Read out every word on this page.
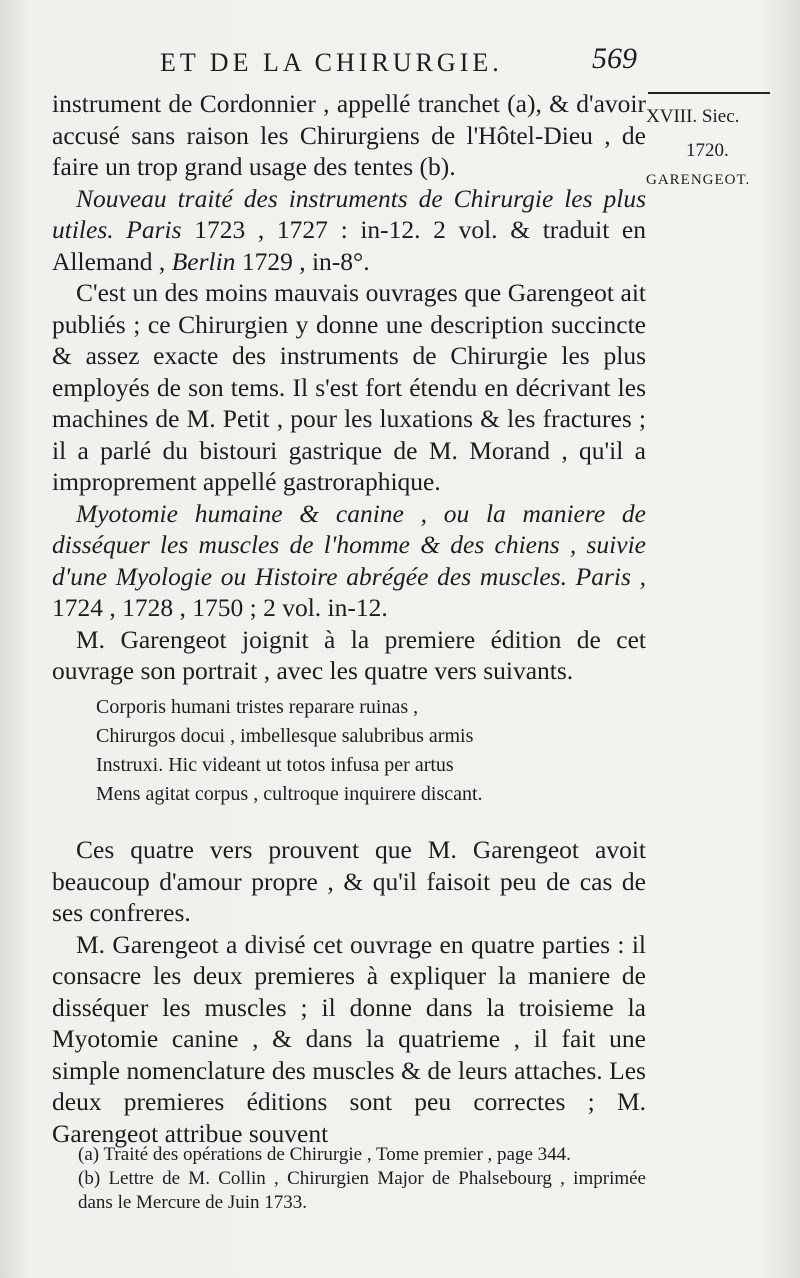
ET DE LA CHIRURGIE.	569
XVIII. Siec.
1720.
GARENGEOT.

instrument de Cordonnier , appellé tranchet (a), & d'avoir accusé sans raison les Chirurgiens de l'Hôtel-Dieu , de faire un trop grand usage des tentes (b).

Nouveau traité des instruments de Chirurgie les plus utiles. Paris 1723 , 1727 : in-12. 2 vol. & traduit en Allemand , Berlin 1729 , in-8°.

C'est un des moins mauvais ouvrages que Garengeot ait publiés ; ce Chirurgien y donne une description succincte & assez exacte des instruments de Chirurgie les plus employés de son tems. Il s'est fort étendu en décrivant les machines de M. Petit , pour les luxations & les fractures ; il a parlé du bistouri gastrique de M. Morand , qu'il a improprement appellé gastroraphique.

Myotomie humaine & canine , ou la maniere de disséquer les muscles de l'homme & des chiens , suivie d'une Myologie ou Histoire abrégée des muscles. Paris , 1724 , 1728 , 1750 ; 2 vol. in-12.

M. Garengeot joignit à la premiere édition de cet ouvrage son portrait , avec les quatre vers suivants.

Corporis humani tristes reparare ruinas ,
Chirurgos docui , imbellesque salubribus armis
Instruxi. Hic videant ut totos infusa per artus
Mens agitat corpus , cultroque inquirere discant.

Ces quatre vers prouvent que M. Garengeot avoit beaucoup d'amour propre , & qu'il faisoit peu de cas de ses confreres.

M. Garengeot a divisé cet ouvrage en quatre parties : il consacre les deux premieres à expliquer la maniere de disséquer les muscles ; il donne dans la troisieme la Myotomie canine , & dans la quatrieme , il fait une simple nomenclature des muscles & de leurs attaches. Les deux premieres éditions sont peu correctes ; M. Garengeot attribue souvent

(a) Traité des opérations de Chirurgie , Tome premier , page 344.

(b) Lettre de M. Collin , Chirurgien Major de Phalsebourg , imprimée dans le Mercure de Juin 1733.
